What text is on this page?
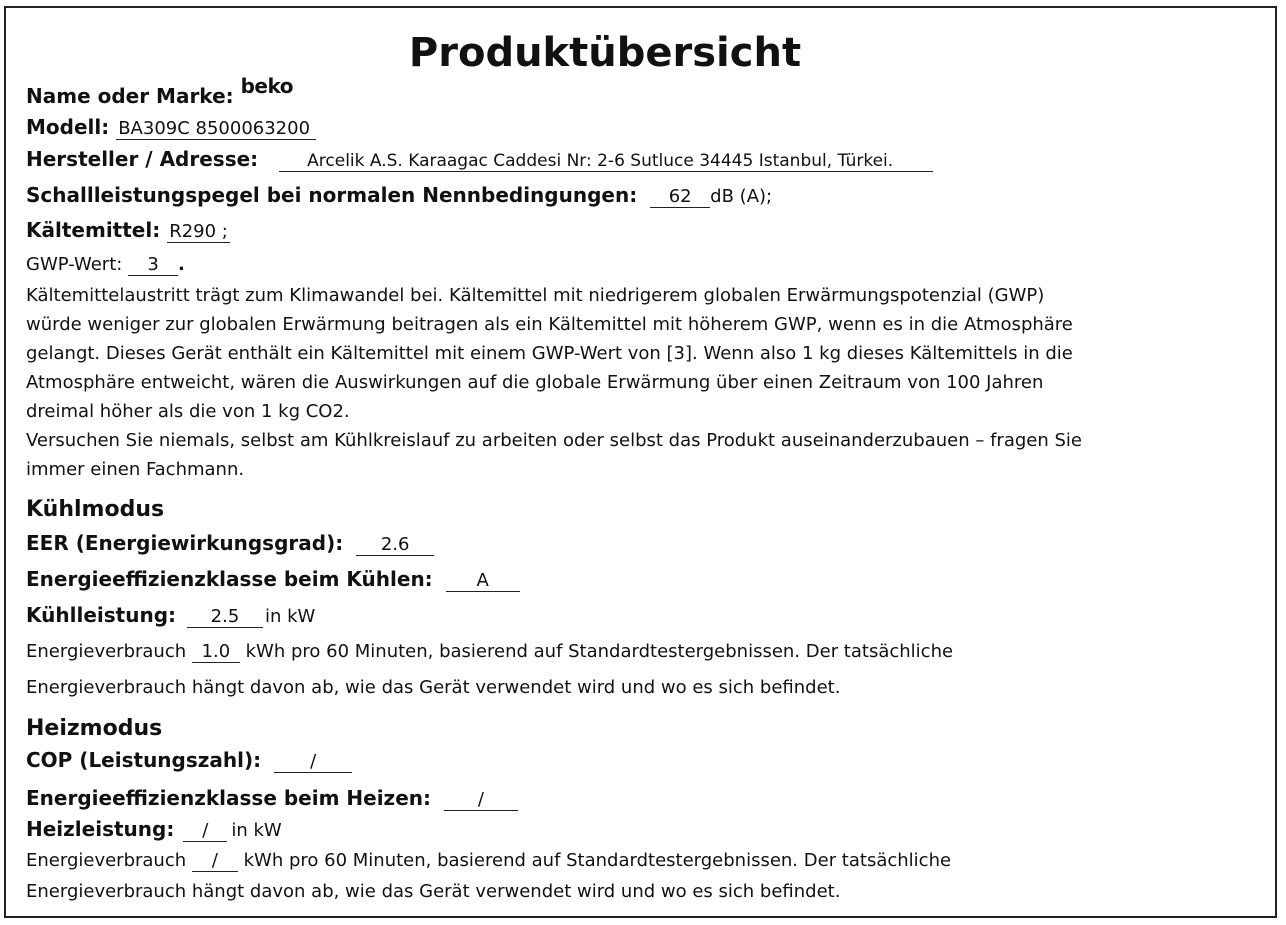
Produktübersicht
Name oder Marke: beko
Modell: BA309C 8500063200
Hersteller / Adresse:	Arcelik A.S. Karaagac Caddesi Nr: 2-6 Sutluce 34445 Istanbul, Türkei.
Schallleistungspegel bei normalen Nennbedingungen: 62 dB (A);
Kältemittel: R290 ;
GWP-Wert: 3 .
Kältemittelaustritt trägt zum Klimawandel bei. Kältemittel mit niedrigerem globalen Erwärmungspotenzial (GWP)
würde weniger zur globalen Erwärmung beitragen als ein Kältemittel mit höherem GWP, wenn es in die Atmosphäre
gelangt. Dieses Gerät enthält ein Kältemittel mit einem GWP-Wert von [3]. Wenn also 1 kg dieses Kältemittels in die
Atmosphäre entweicht, wären die Auswirkungen auf die globale Erwärmung über einen Zeitraum von 100 Jahren
dreimal höher als die von 1 kg CO2.
Versuchen Sie niemals, selbst am Kühlkreislauf zu arbeiten oder selbst das Produkt auseinanderzubauen – fragen Sie
immer einen Fachmann.
Kühlmodus
EER (Energiewirkungsgrad): 2.6
Energieeffizienzklasse beim Kühlen: A
Kühlleistung: 2.5 in kW
Energieverbrauch 1.0 kWh pro 60 Minuten, basierend auf Standardtestergebnissen. Der tatsächliche
Energieverbrauch hängt davon ab, wie das Gerät verwendet wird und wo es sich befindet.
Heizmodus
COP (Leistungszahl):	/
Energieeffizienzklasse beim Heizen:	/
Heizleistung: / in kW
Energieverbrauch / kWh pro 60 Minuten, basierend auf Standardtestergebnissen. Der tatsächliche
Energieverbrauch hängt davon ab, wie das Gerät verwendet wird und wo es sich befindet.
